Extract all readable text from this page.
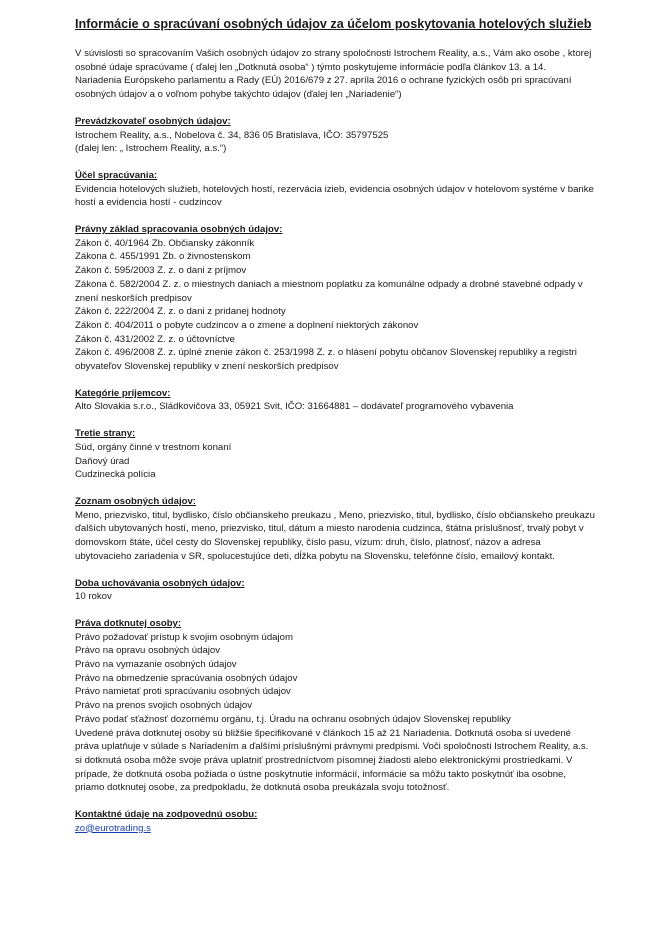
Informácie o spracúvaní osobných údajov za účelom poskytovania hotelových služieb

V súvislosti so spracovaním Vašich osobných údajov zo strany spoločnosti Istrochem Reality, a.s., Vám ako osobe , ktorej osobné údaje spracúvame ( ďalej len „Dotknutá osoba“ ) týmto poskytujeme informácie podľa článkov 13. a 14. Nariadenia Európskeho parlamentu a Rady (EÚ) 2016/679 z 27. apríla 2016 o ochrane fyzických osôb pri spracúvaní osobných údajov a o voľnom pohybe takýchto údajov (ďalej len „Nariadenie“)

Prevádzkovateľ osobných údajov:

Istrochem Reality, a.s., Nobelova č. 34, 836 05 Bratislava, IČO: 35797525

(ďalej len: „ Istrochem Reality, a.s.“)

Účel spracúvania:

Evidencia hotelových služieb, hotelových hostí, rezervácia izieb, evidencia osobných údajov v hotelovom systéme v banke hostí a evidencia hostí - cudzincov

Právny základ spracovania osobných údajov:

Zákon č. 40/1964 Zb. Občiansky zákonník

Zákona č. 455/1991 Zb. o živnostenskom

Zákon č. 595/2003 Z. z. o dani z príjmov

Zákona č. 582/2004 Z. z. o miestnych daniach a miestnom poplatku za komunálne odpady a drobné stavebné odpady v znení neskorších predpisov

Zákon č. 222/2004 Z. z. o dani z pridanej hodnoty

Zákon č. 404/2011 o pobyte cudzincov a o zmene a doplnení niektorých zákonov

Zákon č. 431/2002 Z. z. o účtovníctve

Zákon č. 496/2008 Z. z. úplné znenie zákon č. 253/1998 Z. z. o hlásení pobytu občanov Slovenskej republiky a registri obyvateľov Slovenskej republiky v znení neskorších predpisov

Kategórie príjemcov:

Alto Slovakia s.r.o., Sládkovičova 33, 05921 Svit, IČO: 31664881 – dodávateľ programového vybavenia

Tretie strany:

Súd, orgány činné v trestnom konaní

Daňový úrad

Cudzinecká polícia

Zoznam osobných údajov:

Meno, priezvisko, titul, bydlisko, číslo občianskeho preukazu , Meno, priezvisko, titul, bydlisko, číslo občianskeho preukazu ďalších ubytovaných hostí, meno, priezvisko, titul, dátum a miesto narodenia cudzinca, štátna príslušnosť, trvalý pobyt v domovskom štáte, účel cesty do Slovenskej republiky, číslo pasu, vízum: druh, číslo, platnosť, názov a adresa ubytovacieho zariadenia v SR, spolucestujúce deti, dĺžka pobytu na Slovensku, telefónne číslo, emailový kontakt.

Doba uchovávania osobných údajov:

10 rokov

Práva dotknutej osoby:

Právo požadovať prístup k svojim osobným údajom

Právo na opravu osobných údajov

Právo na vymazanie osobných údajov

Právo na obmedzenie spracúvania osobných údajov

Právo namietať proti spracúvaniu osobných údajov

Právo na prenos svojich osobných údajov

Právo podať sťažnosť dozornému orgánu, t.j. Úradu na ochranu osobných údajov Slovenskej republiky

Uvedené práva dotknutej osoby sú bližšie špecifikované v článkoch 15 až 21 Nariadenia. Dotknutá osoba si uvedené práva uplatňuje v súlade s Nariadením a ďalšími príslušnými právnymi predpismi. Voči spoločnosti Istrochem Reality, a.s. si dotknutá osoba môže svoje práva uplatniť prostredníctvom písomnej žiadosti alebo elektronickými prostriedkami. V prípade, že dotknutá osoba požiada o ústne poskytnutie informácií, informácie sa môžu takto poskytnúť iba osobne, priamo dotknutej osobe, za predpokladu, že dotknutá osoba preukázala svoju totožnosť.

Kontaktné údaje na zodpovednú osobu:

zo@eurotrading.s
